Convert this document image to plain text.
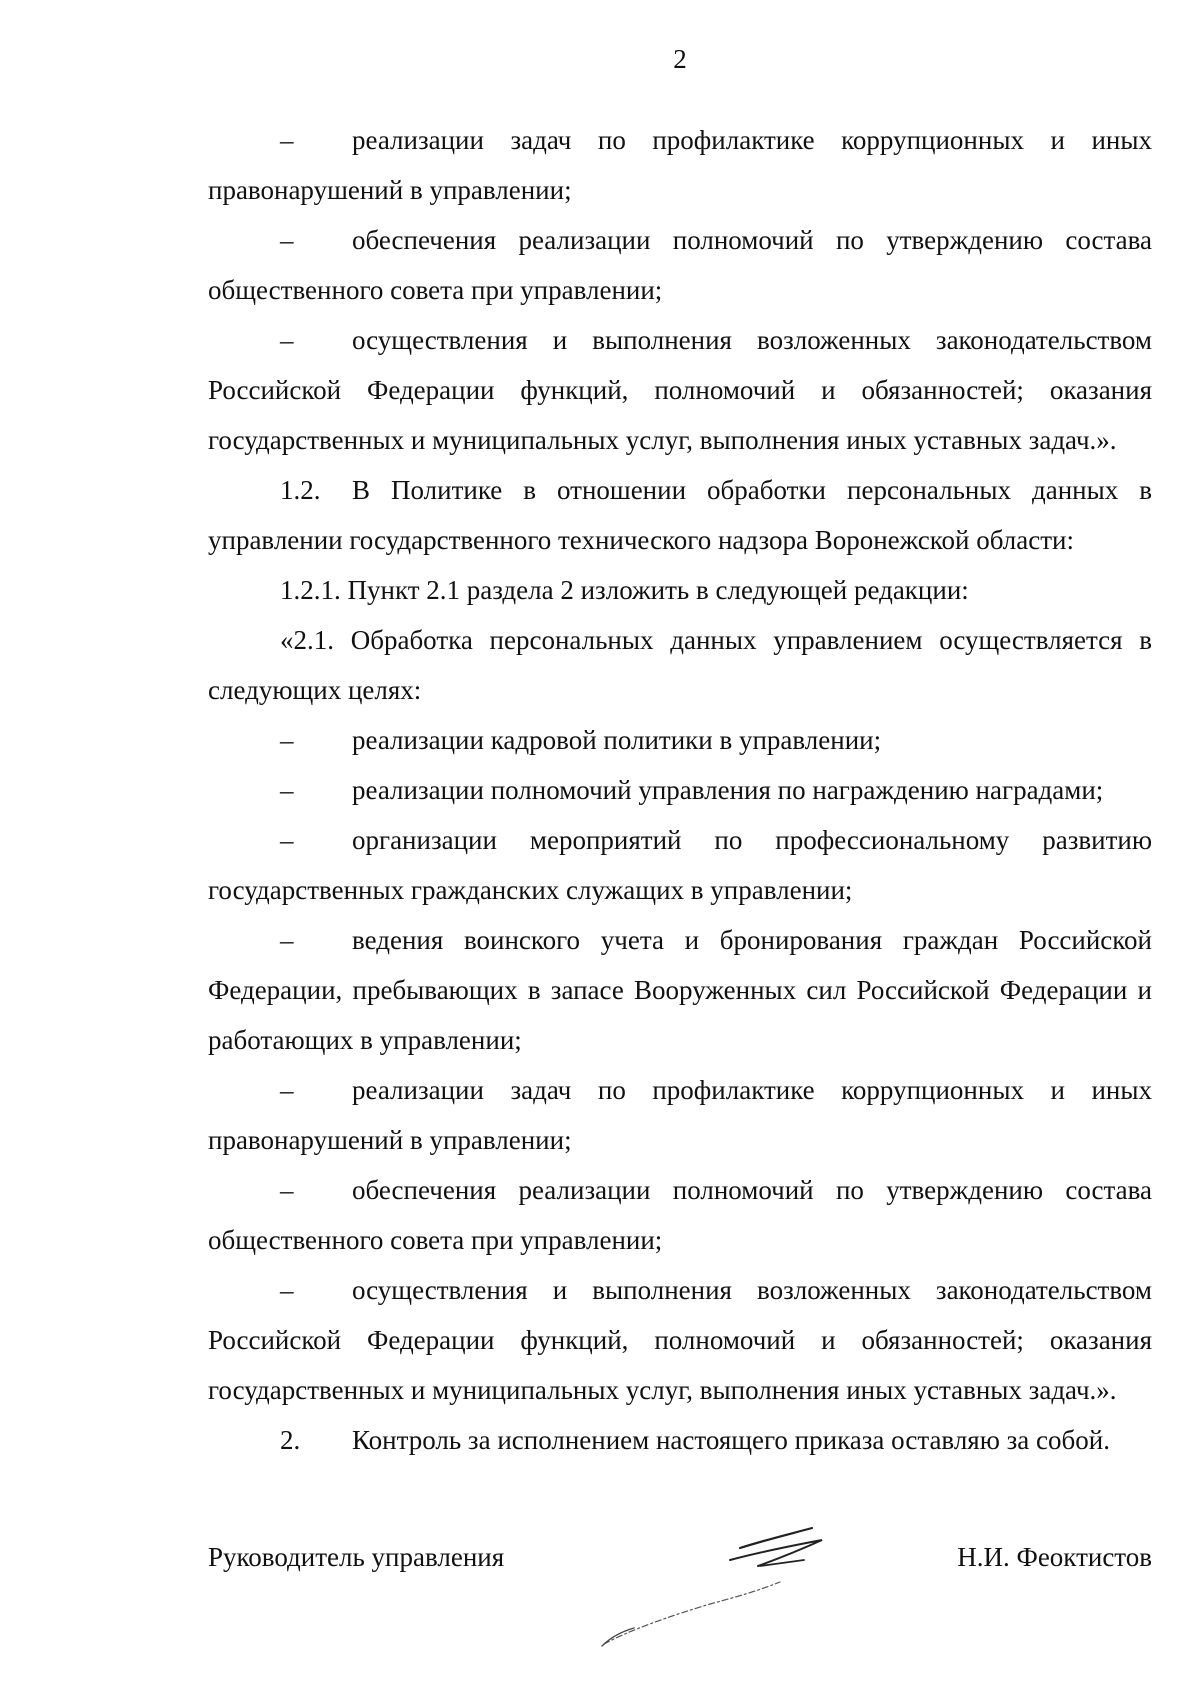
2

– реализации задач по профилактике коррупционных и иных правонарушений в управлении;

– обеспечения реализации полномочий по утверждению состава общественного совета при управлении;

– осуществления и выполнения возложенных законодательством Российской Федерации функций, полномочий и обязанностей; оказания государственных и муниципальных услуг, выполнения иных уставных задач.».

1.2. В Политике в отношении обработки персональных данных в управлении государственного технического надзора Воронежской области:

1.2.1. Пункт 2.1 раздела 2 изложить в следующей редакции:

«2.1. Обработка персональных данных управлением осуществляется в следующих целях:

– реализации кадровой политики в управлении;

– реализации полномочий управления по награждению наградами;

– организации мероприятий по профессиональному развитию государственных гражданских служащих в управлении;

– ведения воинского учета и бронирования граждан Российской Федерации, пребывающих в запасе Вооруженных сил Российской Федерации и работающих в управлении;

– реализации задач по профилактике коррупционных и иных правонарушений в управлении;

– обеспечения реализации полномочий по утверждению состава общественного совета при управлении;

– осуществления и выполнения возложенных законодательством Российской Федерации функций, полномочий и обязанностей; оказания государственных и муниципальных услуг, выполнения иных уставных задач.».

2. Контроль за исполнением настоящего приказа оставляю за собой.

Руководитель управления	Н.И. Феоктистов
